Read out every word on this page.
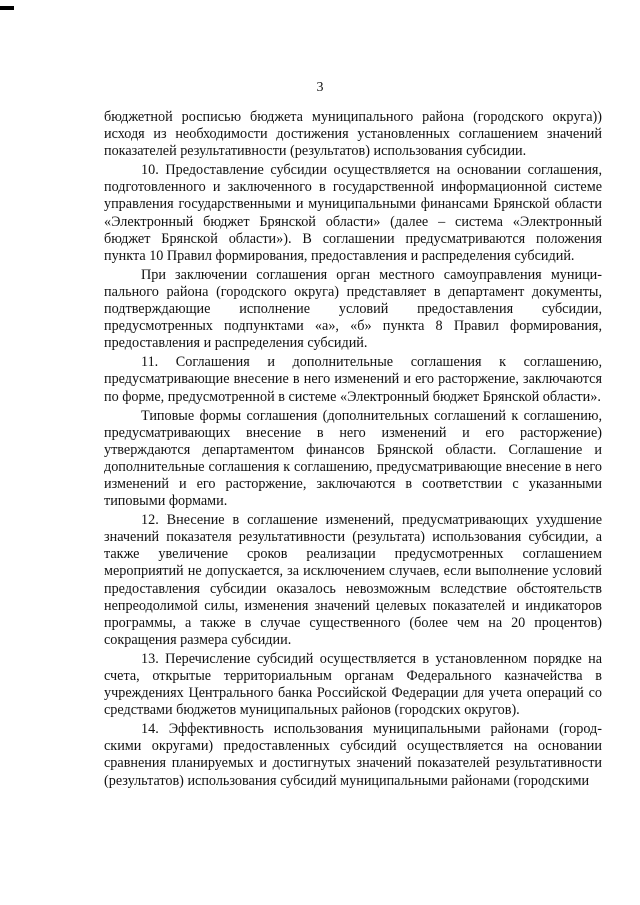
3

бюджетной росписью бюджета муниципального района (городского округа)) исходя из необходимости достижения установленных соглашением значений показателей результативности (результатов) использования субсидии.

10. Предоставление субсидии осуществляется на основании соглашения, подготовленного и заключенного в государственной информационной системе управления государственными и муниципальными финансами Брянской области «Электронный бюджет Брянской области» (далее – система «Электронный бюджет Брянской области»). В соглашении предусматриваются положения пункта 10 Правил формирования, предоставления и распределения субсидий.

При заключении соглашения орган местного самоуправления муниципального района (городского округа) представляет в департамент документы, подтверждающие исполнение условий предоставления субсидии, предусмотренных подпунктами «а», «б» пункта 8 Правил формирования, предоставления и распределения субсидий.

11. Соглашения и дополнительные соглашения к соглашению, предусматривающие внесение в него изменений и его расторжение, заключаются по форме, предусмотренной в системе «Электронный бюджет Брянской области».

Типовые формы соглашения (дополнительных соглашений к соглашению, предусматривающих внесение в него изменений и его расторжение) утверждаются департаментом финансов Брянской области. Соглашение и дополнительные соглашения к соглашению, предусматривающие внесение в него изменений и его расторжение, заключаются в соответствии с указанными типовыми формами.

12. Внесение в соглашение изменений, предусматривающих ухудшение значений показателя результативности (результата) использования субсидии, а также увеличение сроков реализации предусмотренных соглашением мероприятий не допускается, за исключением случаев, если выполнение условий предоставления субсидии оказалось невозможным вследствие обстоятельств непреодолимой силы, изменения значений целевых показателей и индикаторов программы, а также в случае существенного (более чем на 20 процентов) сокращения размера субсидии.

13. Перечисление субсидий осуществляется в установленном порядке на счета, открытые территориальным органам Федерального казначейства в учреждениях Центрального банка Российской Федерации для учета операций со средствами бюджетов муниципальных районов (городских округов).

14. Эффективность использования муниципальными районами (городскими округами) предоставленных субсидий осуществляется на основании сравнения планируемых и достигнутых значений показателей результативности (результатов) использования субсидий муниципальными районами (городскими
